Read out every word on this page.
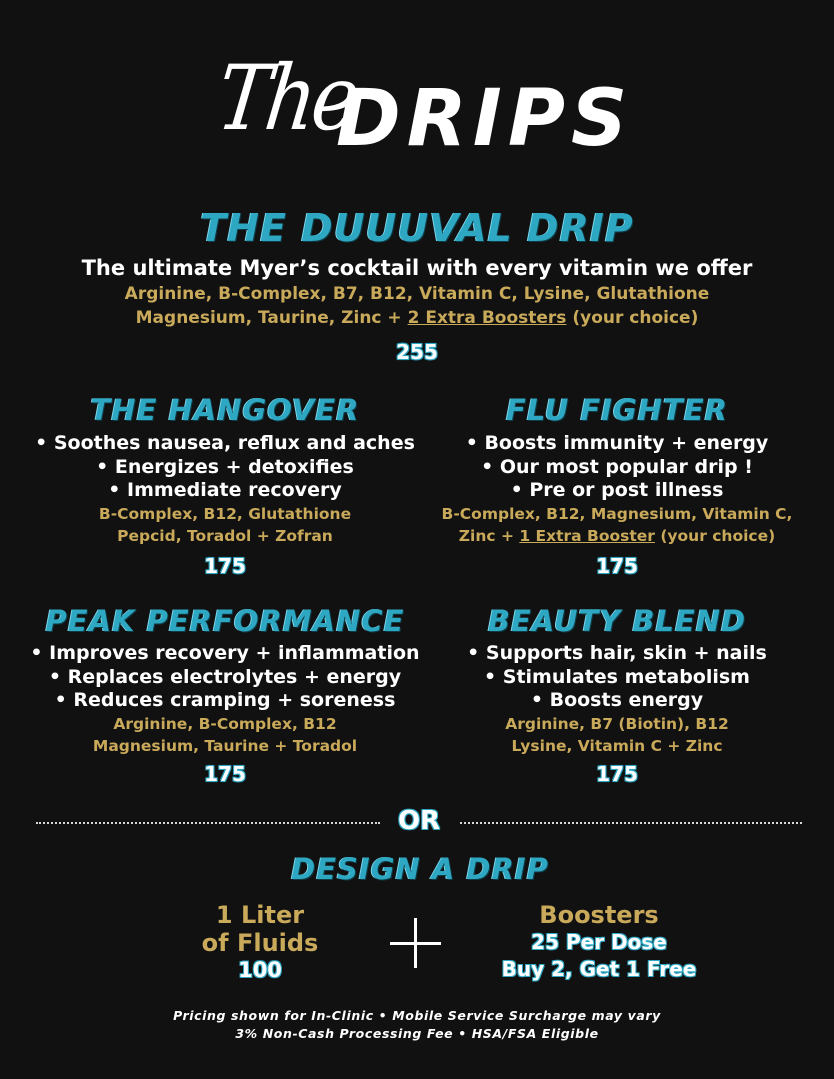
The
DRIPS
THE DUUUVAL DRIP
The ultimate Myer’s cocktail with every vitamin we offer
Arginine, B-Complex, B7, B12, Vitamin C, Lysine, Glutathione
Magnesium, Taurine, Zinc + 2 Extra Boosters (your choice)
255
THE HANGOVER
• Soothes nausea, reflux and aches
• Energizes + detoxifies
• Immediate recovery
B-Complex, B12, Glutathione
Pepcid, Toradol + Zofran
175
FLU FIGHTER
• Boosts immunity + energy
• Our most popular drip !
• Pre or post illness
B-Complex, B12, Magnesium, Vitamin C,
Zinc + 1 Extra Booster (your choice)
175
PEAK PERFORMANCE
• Improves recovery + inflammation
• Replaces electrolytes + energy
• Reduces cramping + soreness
Arginine, B-Complex, B12
Magnesium, Taurine + Toradol
175
BEAUTY BLEND
• Supports hair, skin + nails
• Stimulates metabolism
• Boosts energy
Arginine, B7 (Biotin), B12
Lysine, Vitamin C + Zinc
175
OR
DESIGN A DRIP
1 Liter
of Fluids
100
Boosters
25 Per Dose
Buy 2, Get 1 Free
Pricing shown for In-Clinic • Mobile Service Surcharge may vary
3% Non-Cash Processing Fee • HSA/FSA Eligible
